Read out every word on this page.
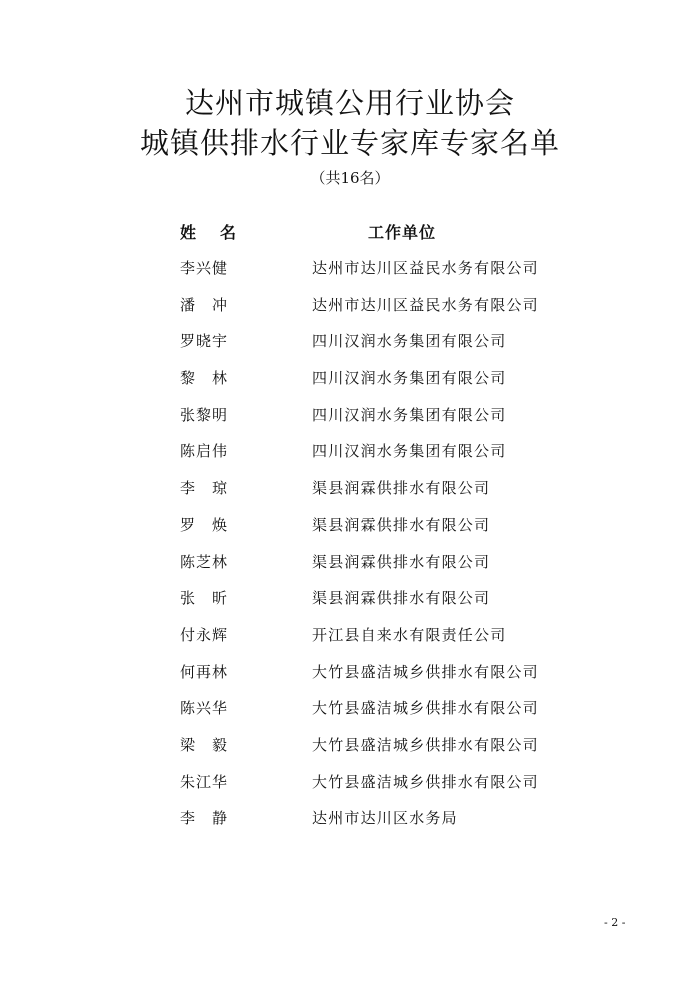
达州市城镇公用行业协会
城镇供排水行业专家库专家名单
（共16名）
姓 名	工作单位
李兴健	达州市达川区益民水务有限公司
潘 冲	达州市达川区益民水务有限公司
罗晓宇	四川汉润水务集团有限公司
黎 林	四川汉润水务集团有限公司
张黎明	四川汉润水务集团有限公司
陈启伟	四川汉润水务集团有限公司
李 琼	渠县润霖供排水有限公司
罗 焕	渠县润霖供排水有限公司
陈芝林	渠县润霖供排水有限公司
张 昕	渠县润霖供排水有限公司
付永辉	开江县自来水有限责任公司
何再林	大竹县盛洁城乡供排水有限公司
陈兴华	大竹县盛洁城乡供排水有限公司
梁 毅	大竹县盛洁城乡供排水有限公司
朱江华	大竹县盛洁城乡供排水有限公司
李 静	达州市达川区水务局
- 2 -
